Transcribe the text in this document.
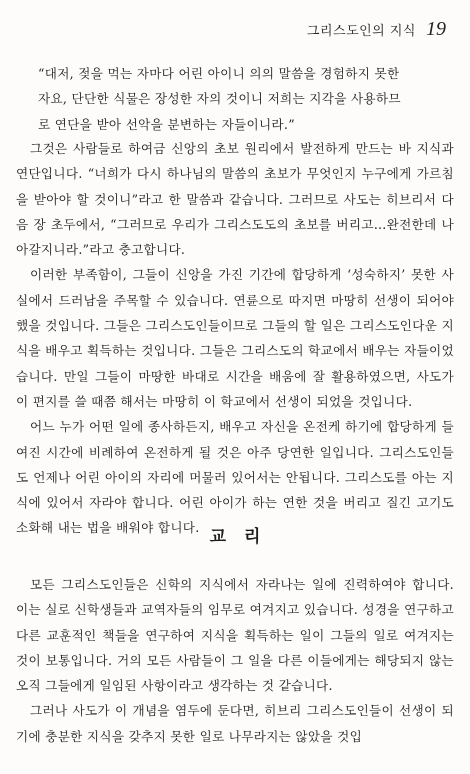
그리스도인의 지식 19
“대저, 젖을 먹는 자마다 어린 아이니 의의 말씀을 경험하지 못한
자요, 단단한 식물은 장성한 자의 것이니 저희는 지각을 사용하므
로 연단을 받아 선악을 분변하는 자들이니라.”

그것은 사람들로 하여금 신앙의 초보 원리에서 발전하게 만드는 바 지식과 연단입니다. “너희가 다시 하나님의 말씀의 초보가 무엇인지 누구에게 가르침을 받아야 할 것이니”라고 한 말씀과 같습니다. 그러므로 사도는 히브리서 다음 장 초두에서, “그러므로 우리가 그리스도도의 초보를 버리고…완전한데 나아갈지니라.”라고 충고합니다.

이러한 부족함이, 그들이 신앙을 가진 기간에 합당하게 ‘성숙하지’ 못한 사실에서 드러남을 주목할 수 있습니다. 연륜으로 따지면 마땅히 선생이 되어야 했을 것입니다. 그들은 그리스도인들이므로 그들의 할 일은 그리스도인다운 지식을 배우고 획득하는 것입니다. 그들은 그리스도의 학교에서 배우는 자들이었습니다. 만일 그들이 마땅한 바대로 시간을 배움에 잘 활용하였으면, 사도가 이 편지를 쓸 때쯤 해서는 마땅히 이 학교에서 선생이 되었을 것입니다.

어느 누가 어떤 일에 종사하든지, 배우고 자신을 온전케 하기에 합당하게 들여진 시간에 비례하여 온전하게 될 것은 아주 당연한 일입니다. 그리스도인들도 언제나 어린 아이의 자리에 머물러 있어서는 안됩니다. 그리스도를 아는 지식에 있어서 자라야 합니다. 어린 아이가 하는 연한 것을 버리고 질긴 고기도 소화해 내는 법을 배워야 합니다. 교리

모든 그리스도인들은 신학의 지식에서 자라나는 일에 진력하여야 합니다. 이는 실로 신학생들과 교역자들의 임무로 여겨지고 있습니다. 성경을 연구하고 다른 교훈적인 책들을 연구하여 지식을 획득하는 일이 그들의 일로 여겨지는 것이 보통입니다. 거의 모든 사람들이 그 일을 다른 이들에게는 해당되지 않는 오직 그들에게 일임된 사항이라고 생각하는 것 같습니다.

그러나 사도가 이 개념을 염두에 둔다면, 히브리 그리스도인들이 선생이 되기에 충분한 지식을 갖추지 못한 일로 나무라지는 않았을 것입
